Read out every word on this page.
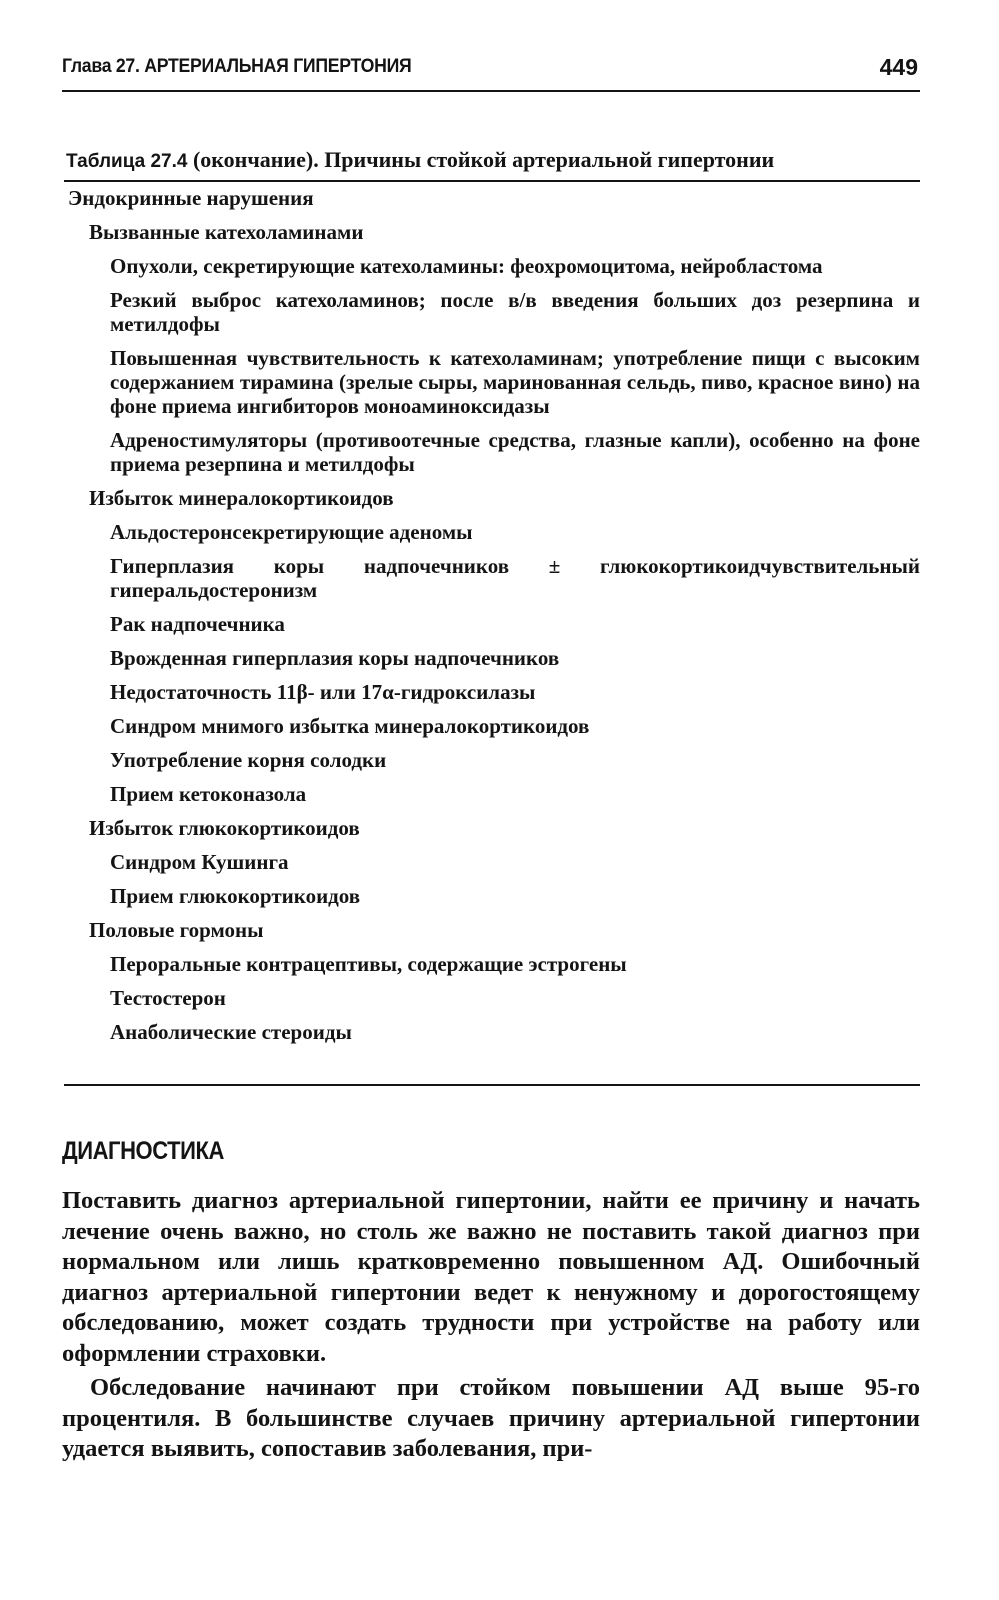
Глава 27. АРТЕРИАЛЬНАЯ ГИПЕРТОНИЯ	449
Таблица 27.4 (окончание). Причины стойкой артериальной гипертонии
Эндокринные нарушения
Вызванные катехоламинами
Опухоли, секретирующие катехоламины: феохромоцитома, нейробластома
Резкий выброс катехоламинов; после в/в введения больших доз резерпина и метилдофы
Повышенная чувствительность к катехоламинам; употребление пищи с высоким содержанием тирамина (зрелые сыры, маринованная сельдь, пиво, красное вино) на фоне приема ингибиторов моноаминоксидазы
Адреностимуляторы (противоотечные средства, глазные капли), особенно на фоне приема резерпина и метилдофы
Избыток минералокортикоидов
Альдостеронсекретирующие аденомы
Гиперплазия коры надпочечников ± глюкокортикоидчувствительный гиперальдостеронизм
Рак надпочечника
Врожденная гиперплазия коры надпочечников
Недостаточность 11β- или 17α-гидроксилазы
Синдром мнимого избытка минералокортикоидов
Употребление корня солодки
Прием кетоконазола
Избыток глюкокортикоидов
Синдром Кушинга
Прием глюкокортикоидов
Половые гормоны
Пероральные контрацептивы, содержащие эстрогены
Тестостерон
Анаболические стероиды
ДИАГНОСТИКА

Поставить диагноз артериальной гипертонии, найти ее причину и начать лечение очень важно, но столь же важно не поставить такой диагноз при нормальном или лишь кратковременно повышенном АД. Ошибочный диагноз артериальной гипертонии ведет к ненужному и дорогостоящему обследованию, может создать трудности при устройстве на работу или оформлении страховки.

Обследование начинают при стойком повышении АД выше 95-го процентиля. В большинстве случаев причину артериальной гипертонии удается выявить, сопоставив заболевания, при-
